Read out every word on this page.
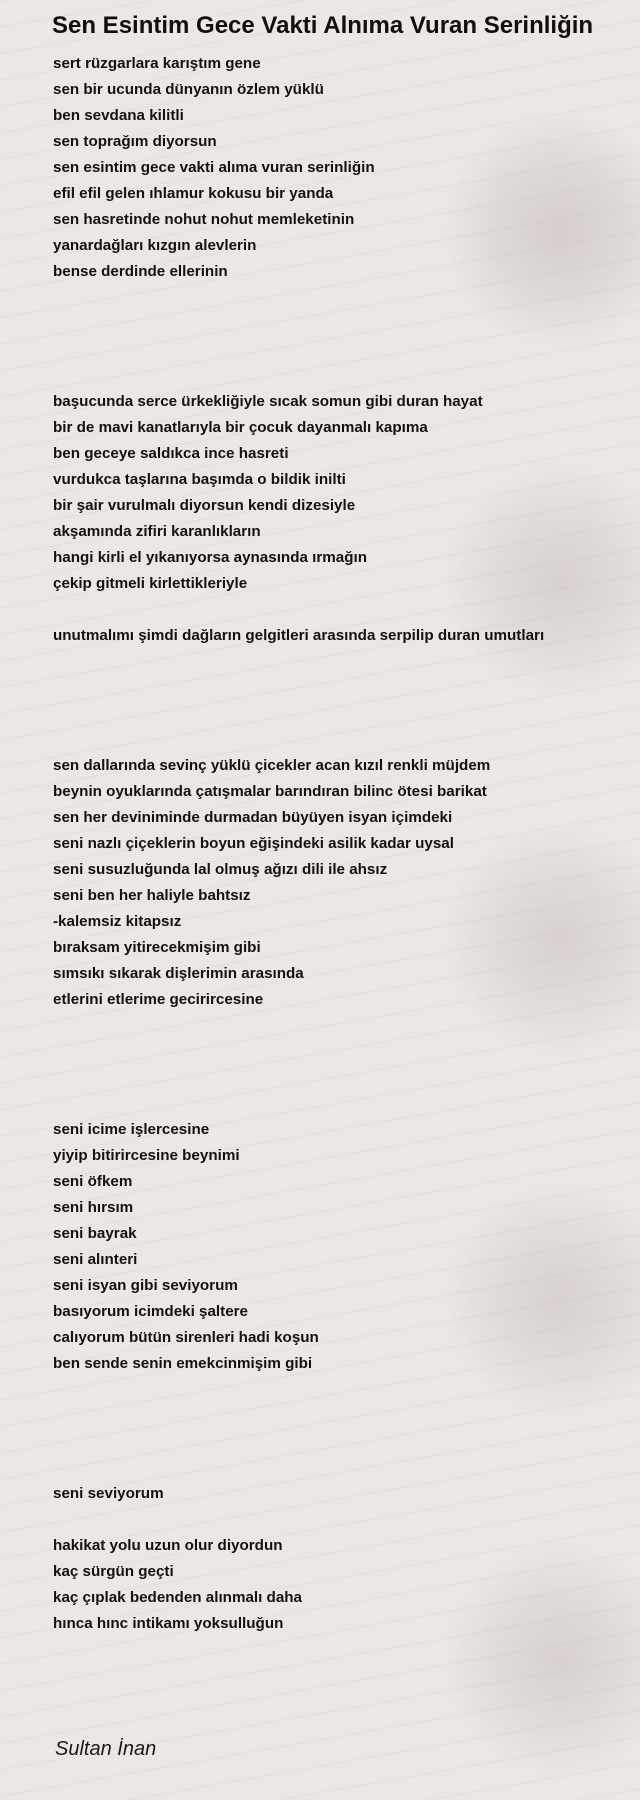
Sen Esintim Gece Vakti Alnıma Vuran Serinliğin
sert rüzgarlara karıştım gene
sen bir ucunda dünyanın özlem yüklü
ben sevdana kilitli
sen toprağım diyorsun
sen esintim gece vakti alıma vuran serinliğin
efil efil gelen ıhlamur kokusu bir yanda
sen hasretinde nohut nohut memleketinin
yanardağları kızgın alevlerin
bense derdinde ellerinin
başucunda serce ürkekliğiyle sıcak somun gibi duran hayat
bir de mavi kanatlarıyla bir çocuk dayanmalı kapıma
ben geceye saldıkca ince hasreti
vurdukca taşlarına başımda o bildik inilti
bir şair vurulmalı diyorsun kendi dizesiyle
akşamında zifiri karanlıkların
hangi kirli el yıkanıyorsa aynasında ırmağın
çekip gitmeli kirlettikleriyle
unutmalımı şimdi dağların gelgitleri arasında serpilip duran umutları
sen dallarında sevinç yüklü çicekler acan kızıl renkli müjdem
beynin oyuklarında çatışmalar barındıran bilinc ötesi barikat
sen her deviniminde durmadan büyüyen isyan içimdeki
seni nazlı çiçeklerin boyun eğişindeki asilik kadar uysal
seni susuzluğunda lal olmuş ağızı dili ile ahsız
seni ben her haliyle bahtsız
-kalemsiz kitapsız
bıraksam yitirecekmişim gibi
sımsıkı sıkarak dişlerimin arasında
etlerini etlerime gecirircesine
seni icime işlercesine
yiyip bitirircesine beynimi
seni öfkem
seni hırsım
seni bayrak
seni alınteri
seni isyan gibi seviyorum
basıyorum icimdeki şaltere
calıyorum bütün sirenleri hadi koşun
ben sende senin emekcinmişim gibi
seni seviyorum
hakikat yolu uzun olur diyordun
kaç sürgün geçti
kaç çıplak bedenden alınmalı daha
hınca hınc intikamı yoksulluğun
Sultan İnan
